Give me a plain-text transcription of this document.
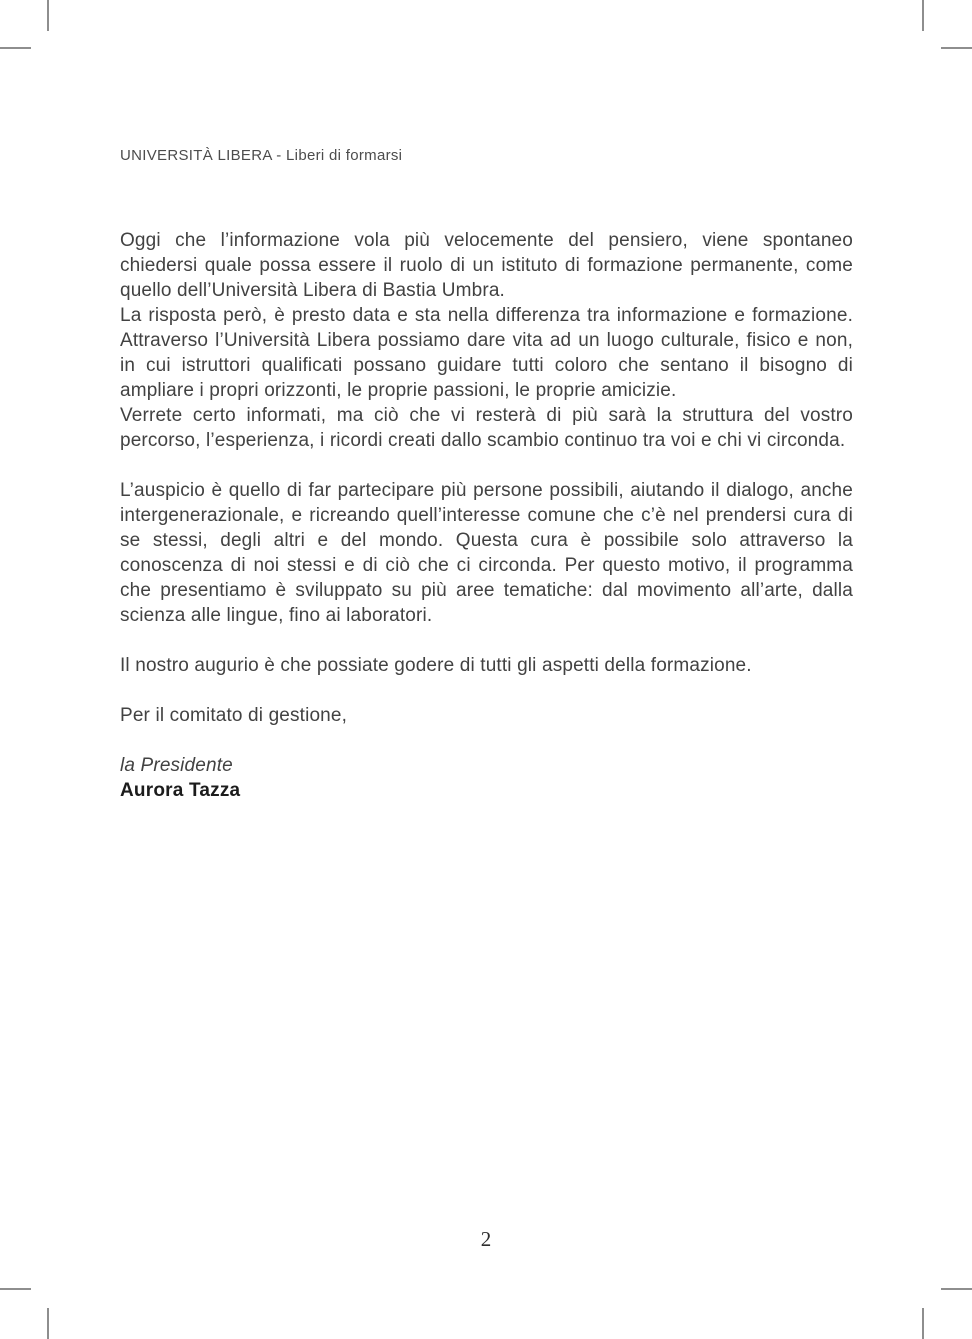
UNIVERSITÀ LIBERA - Liberi di formarsi

Oggi che l’informazione vola più velocemente del pensiero, viene spontaneo chiedersi quale possa essere il ruolo di un istituto di formazione permanente, come quello dell’Università Libera di Bastia Umbra.

La risposta però, è presto data e sta nella differenza tra informazione e formazione. Attraverso l’Università Libera possiamo dare vita ad un luogo culturale, fisico e non, in cui istruttori qualificati possano guidare tutti coloro che sentano il bisogno di ampliare i propri orizzonti, le proprie passioni, le proprie amicizie.

Verrete certo informati, ma ciò che vi resterà di più sarà la struttura del vostro percorso, l’esperienza, i ricordi creati dallo scambio continuo tra voi e chi vi circonda.

L’auspicio è quello di far partecipare più persone possibili, aiutando il dialogo, anche intergenerazionale, e ricreando quell’interesse comune che c’è nel prendersi cura di se stessi, degli altri e del mondo. Questa cura è possibile solo attraverso la conoscenza di noi stessi e di ciò che ci circonda. Per questo motivo, il programma che presentiamo è sviluppato su più aree tematiche: dal movimento all’arte, dalla scienza alle lingue, fino ai laboratori.

Il nostro augurio è che possiate godere di tutti gli aspetti della formazione.

Per il comitato di gestione,

la Presidente

Aurora Tazza

2
